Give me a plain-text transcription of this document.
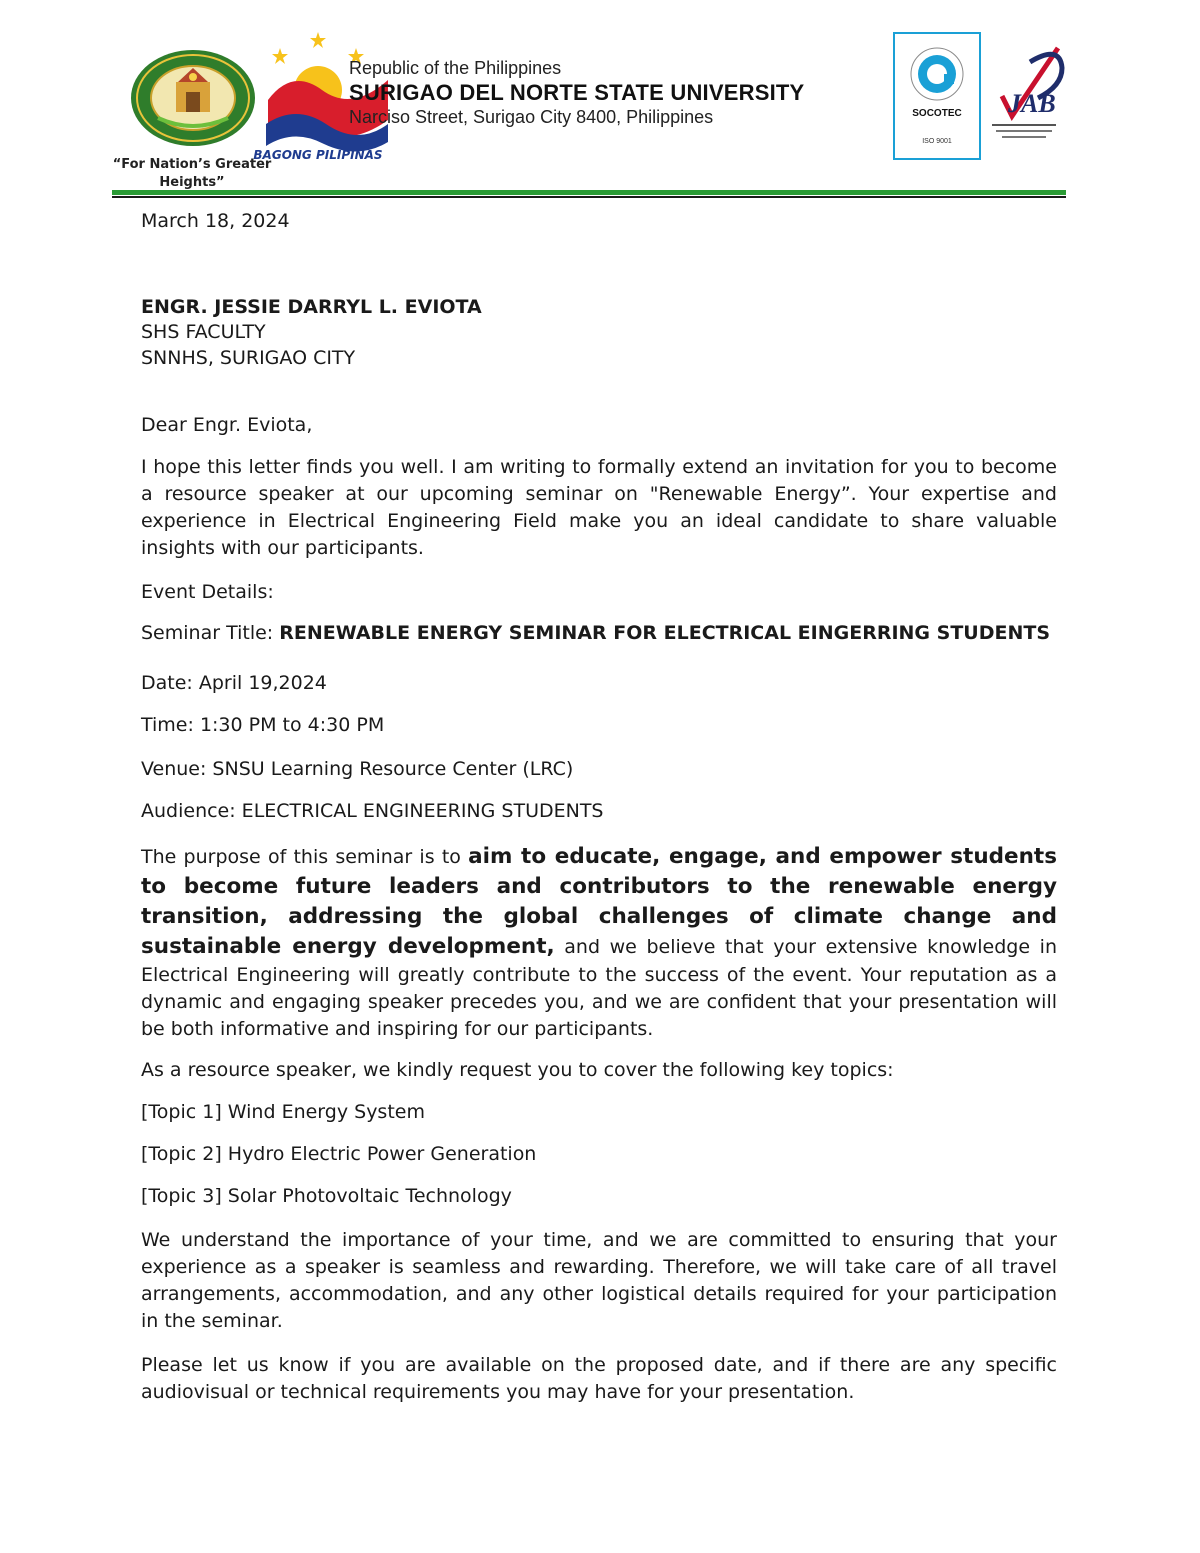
“For Nation’s Greater Heights”
BAGONG PILIPINAS
Republic of the Philippines
SURIGAO DEL NORTE STATE UNIVERSITY
Narciso Street, Surigao City 8400, Philippines	SOCOTEC
ISO 9001
JAB
March 18, 2024
ENGR. JESSIE DARRYL L. EVIOTA
SHS FACULTY
SNNHS, SURIGAO CITY
Dear Engr. Eviota,

I hope this letter finds you well. I am writing to formally extend an invitation for you to become a resource speaker at our upcoming seminar on "Renewable Energy”. Your expertise and experience in Electrical Engineering Field make you an ideal candidate to share valuable insights with our participants.

Event Details:

Seminar Title: RENEWABLE ENERGY SEMINAR FOR ELECTRICAL EINGERRING STUDENTS

Date: April 19,2024
Time: 1:30 PM to 4:30 PM
Venue: SNSU Learning Resource Center (LRC)
Audience: ELECTRICAL ENGINEERING STUDENTS

The purpose of this seminar is to aim to educate, engage, and empower students to become future leaders and contributors to the renewable energy transition, addressing the global challenges of climate change and sustainable energy development, and we believe that your extensive knowledge in Electrical Engineering will greatly contribute to the success of the event. Your reputation as a dynamic and engaging speaker precedes you, and we are confident that your presentation will be both informative and inspiring for our participants.

As a resource speaker, we kindly request you to cover the following key topics:
[Topic 1] Wind Energy System
[Topic 2] Hydro Electric Power Generation
[Topic 3] Solar Photovoltaic Technology

We understand the importance of your time, and we are committed to ensuring that your experience as a speaker is seamless and rewarding. Therefore, we will take care of all travel arrangements, accommodation, and any other logistical details required for your participation in the seminar.

Please let us know if you are available on the proposed date, and if there are any specific audiovisual or technical requirements you may have for your presentation.
